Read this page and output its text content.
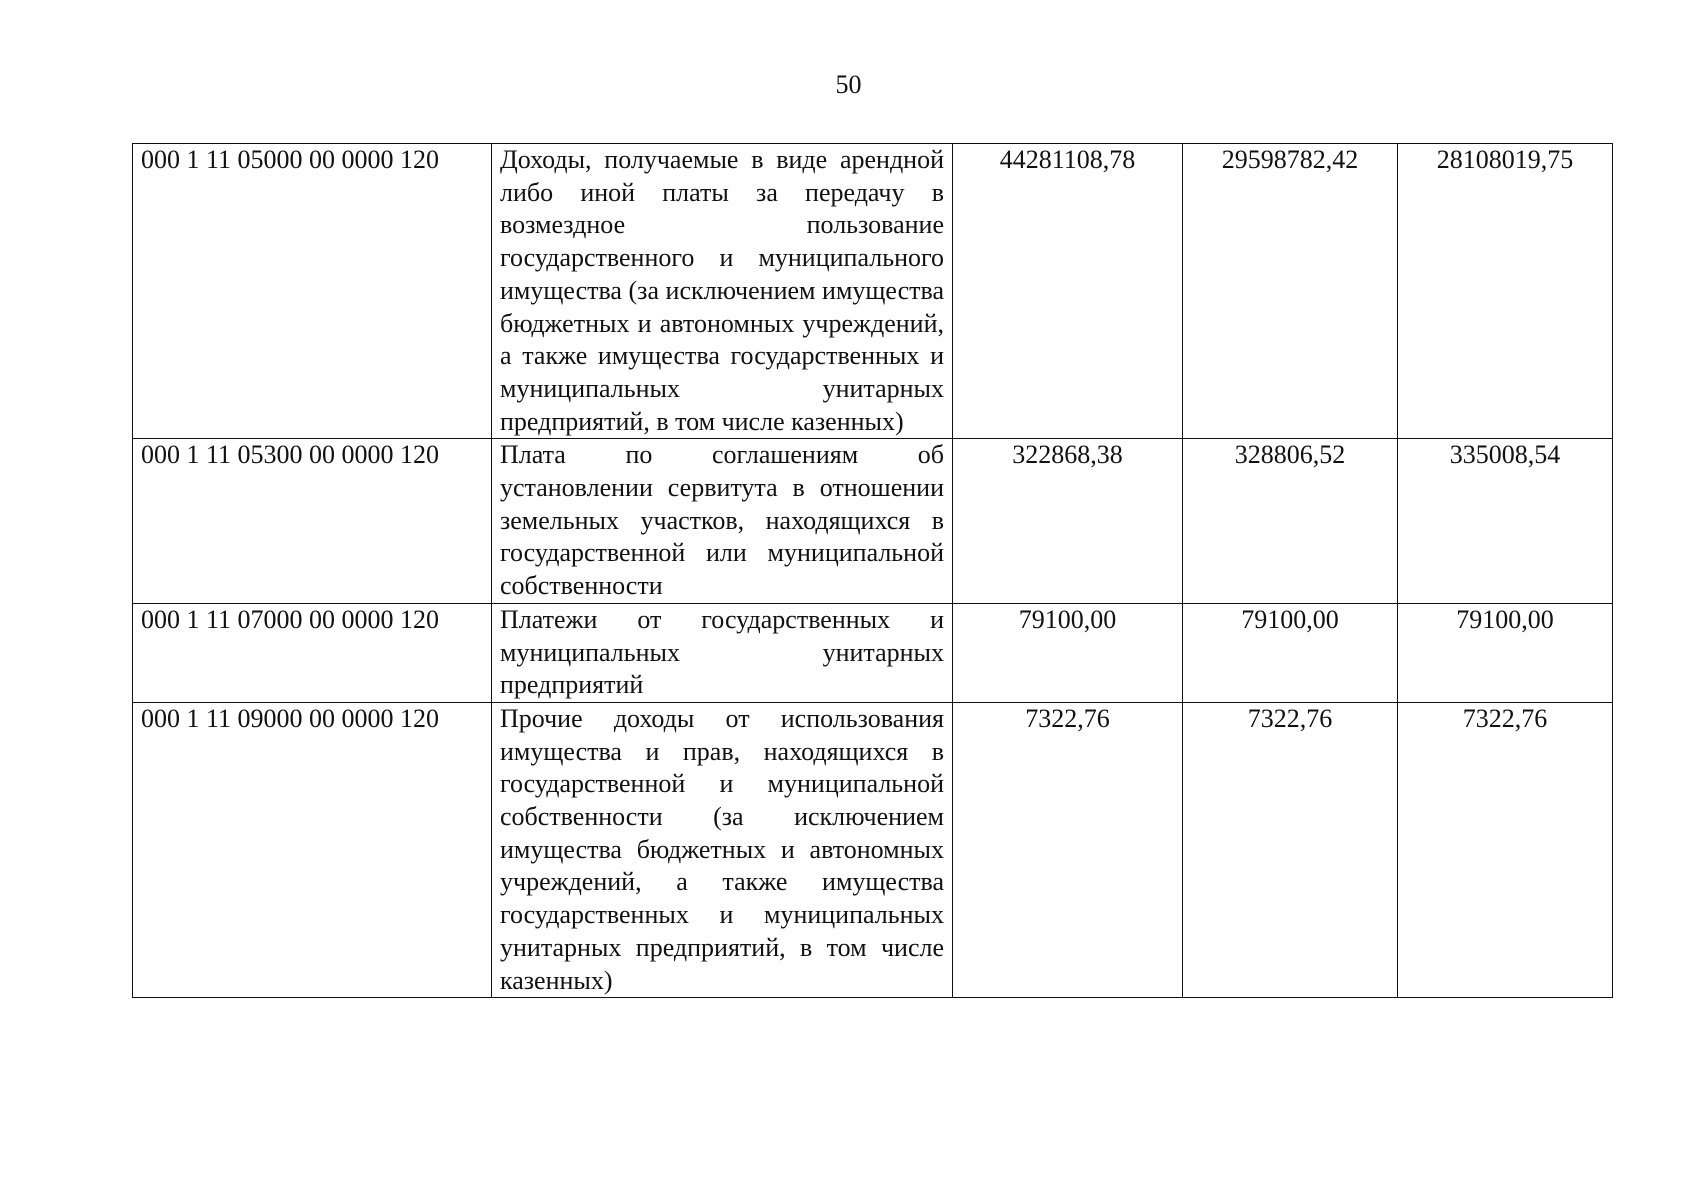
50
000 1 11 05000 00 0000 120	Доходы, получаемые в виде арендной либо иной платы за передачу в возмездное пользование государственного и муниципального имущества (за исключением имущества бюджетных и автономных учреждений, а также имущества государственных и муниципальных унитарных предприятий, в том числе казенных)	44281108,78	29598782,42	28108019,75
000 1 11 05300 00 0000 120	Плата по соглашениям об установлении сервитута в отношении земельных участков, находящихся в государственной или муниципальной собственности	322868,38	328806,52	335008,54
000 1 11 07000 00 0000 120	Платежи от государственных и муниципальных унитарных предприятий	79100,00	79100,00	79100,00
000 1 11 09000 00 0000 120	Прочие доходы от использования имущества и прав, находящихся в государственной и муниципальной собственности (за исключением имущества бюджетных и автономных учреждений, а также имущества государственных и муниципальных унитарных предприятий, в том числе казенных)	7322,76	7322,76	7322,76
